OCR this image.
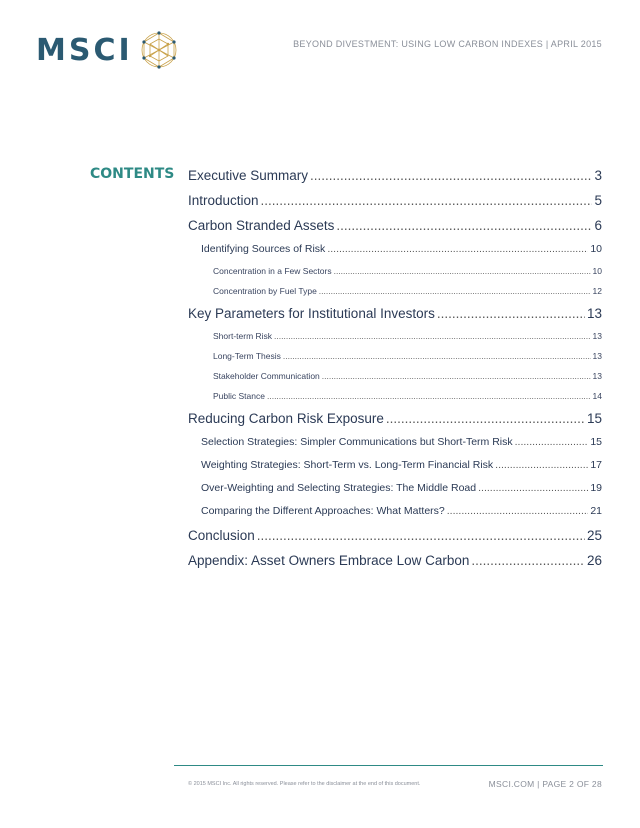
MSCI	BEYOND DIVESTMENT: USING LOW CARBON INDEXES | APRIL 2015
CONTENTS Executive Summary .....	3
Introduction .....	5
Carbon Stranded Assets .....	6
Identifying Sources of Risk .....	10
Concentration in a Few Sectors .....	10
Concentration by Fuel Type .....	12
Key Parameters for Institutional Investors .....	13
Short-term Risk .....	13
Long-Term Thesis .....	13
Stakeholder Communication .....	13
Public Stance .....	14
Reducing Carbon Risk Exposure .....	15
Selection Strategies: Simpler Communications but Short-Term Risk .....	15
Weighting Strategies: Short-Term vs. Long-Term Financial Risk .....	17
Over-Weighting and Selecting Strategies: The Middle Road .....	19
Comparing the Different Approaches: What Matters? .....	21
Conclusion .....	25
Appendix: Asset Owners Embrace Low Carbon .....	26
© 2015 MSCI Inc. All rights reserved. Please refer to the disclaimer at the end of this document.	MSCI.COM | PAGE 2 OF 28
